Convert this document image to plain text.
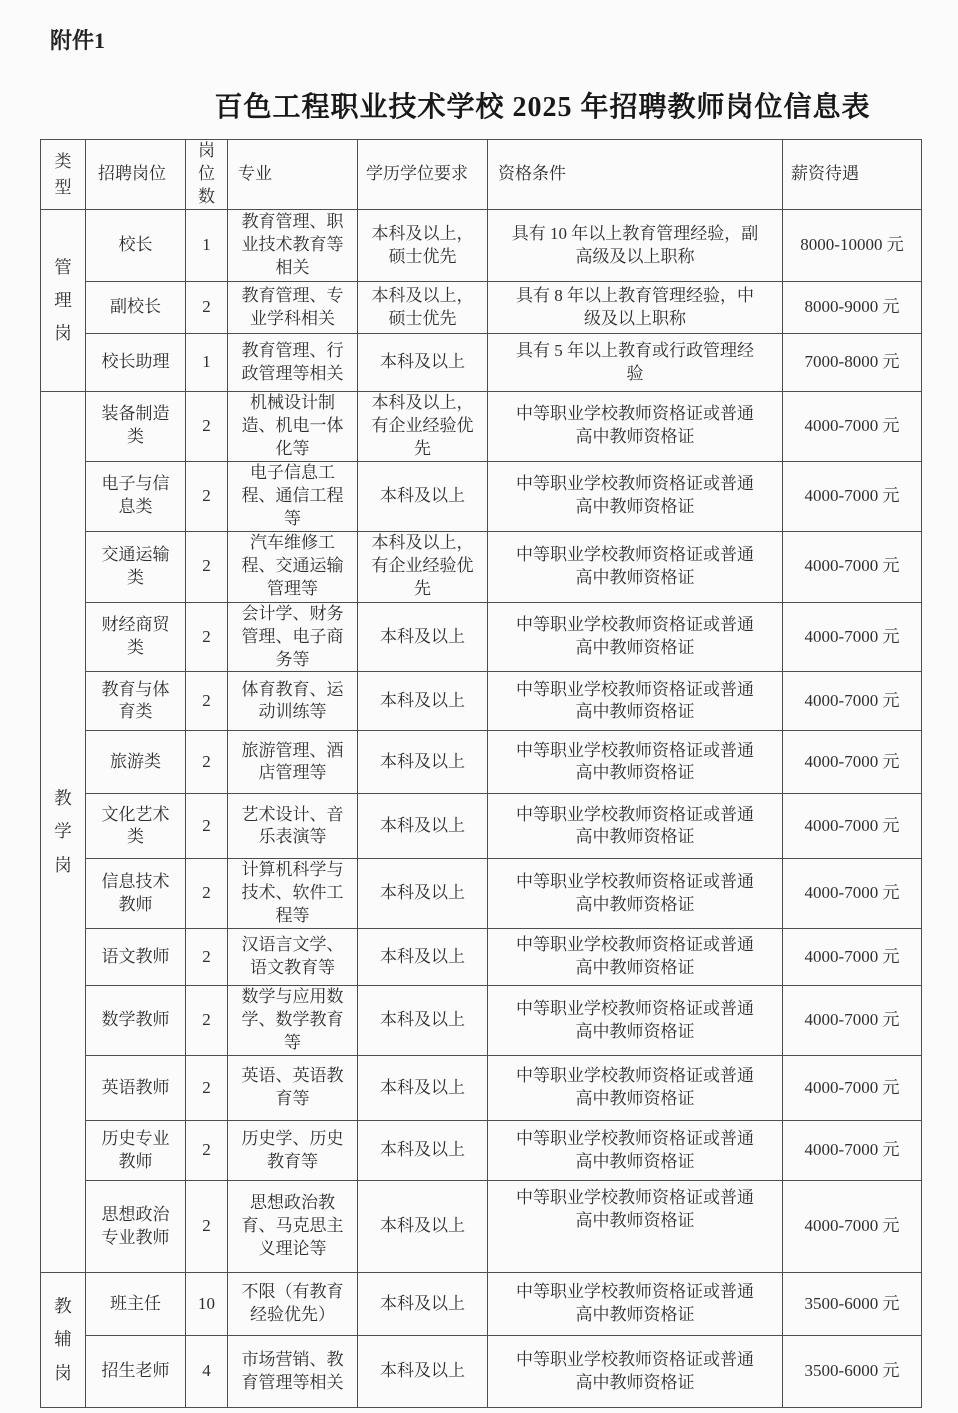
附件1
百色工程职业技术学校 2025 年招聘教师岗位信息表
类型	招聘岗位	岗位数	专业	学历学位要求	资格条件	薪资待遇
管理岗	校长	1	教育管理、职业技术教育等相关	本科及以上，硕士优先	具有 10 年以上教育管理经验，副高级及以上职称	8000-10000 元
	副校长	2	教育管理、专业学科相关	本科及以上，硕士优先	具有 8 年以上教育管理经验，中级及以上职称	8000-9000 元
	校长助理	1	教育管理、行政管理等相关	本科及以上	具有 5 年以上教育或行政管理经验	7000-8000 元
教学岗	装备制造类	2	机械设计制造、机电一体化等	本科及以上，有企业经验优先	中等职业学校教师资格证或普通高中教师资格证	4000-7000 元
	电子与信息类	2	电子信息工程、通信工程等	本科及以上	中等职业学校教师资格证或普通高中教师资格证	4000-7000 元
	交通运输类	2	汽车维修工程、交通运输管理等	本科及以上，有企业经验优先	中等职业学校教师资格证或普通高中教师资格证	4000-7000 元
	财经商贸类	2	会计学、财务管理、电子商务等	本科及以上	中等职业学校教师资格证或普通高中教师资格证	4000-7000 元
	教育与体育类	2	体育教育、运动训练等	本科及以上	中等职业学校教师资格证或普通高中教师资格证	4000-7000 元
	旅游类	2	旅游管理、酒店管理等	本科及以上	中等职业学校教师资格证或普通高中教师资格证	4000-7000 元
	文化艺术类	2	艺术设计、音乐表演等	本科及以上	中等职业学校教师资格证或普通高中教师资格证	4000-7000 元
	信息技术教师	2	计算机科学与技术、软件工程等	本科及以上	中等职业学校教师资格证或普通高中教师资格证	4000-7000 元
	语文教师	2	汉语言文学、语文教育等	本科及以上	中等职业学校教师资格证或普通高中教师资格证	4000-7000 元
	数学教师	2	数学与应用数学、数学教育等	本科及以上	中等职业学校教师资格证或普通高中教师资格证	4000-7000 元
	英语教师	2	英语、英语教育等	本科及以上	中等职业学校教师资格证或普通高中教师资格证	4000-7000 元
	历史专业教师	2	历史学、历史教育等	本科及以上	中等职业学校教师资格证或普通高中教师资格证	4000-7000 元
	思想政治专业教师	2	思想政治教育、马克思主义理论等	本科及以上	中等职业学校教师资格证或普通高中教师资格证	4000-7000 元
教辅岗	班主任	10	不限（有教育经验优先）	本科及以上	中等职业学校教师资格证或普通高中教师资格证	3500-6000 元
	招生老师	4	市场营销、教育管理等相关	本科及以上	中等职业学校教师资格证或普通高中教师资格证	3500-6000 元
